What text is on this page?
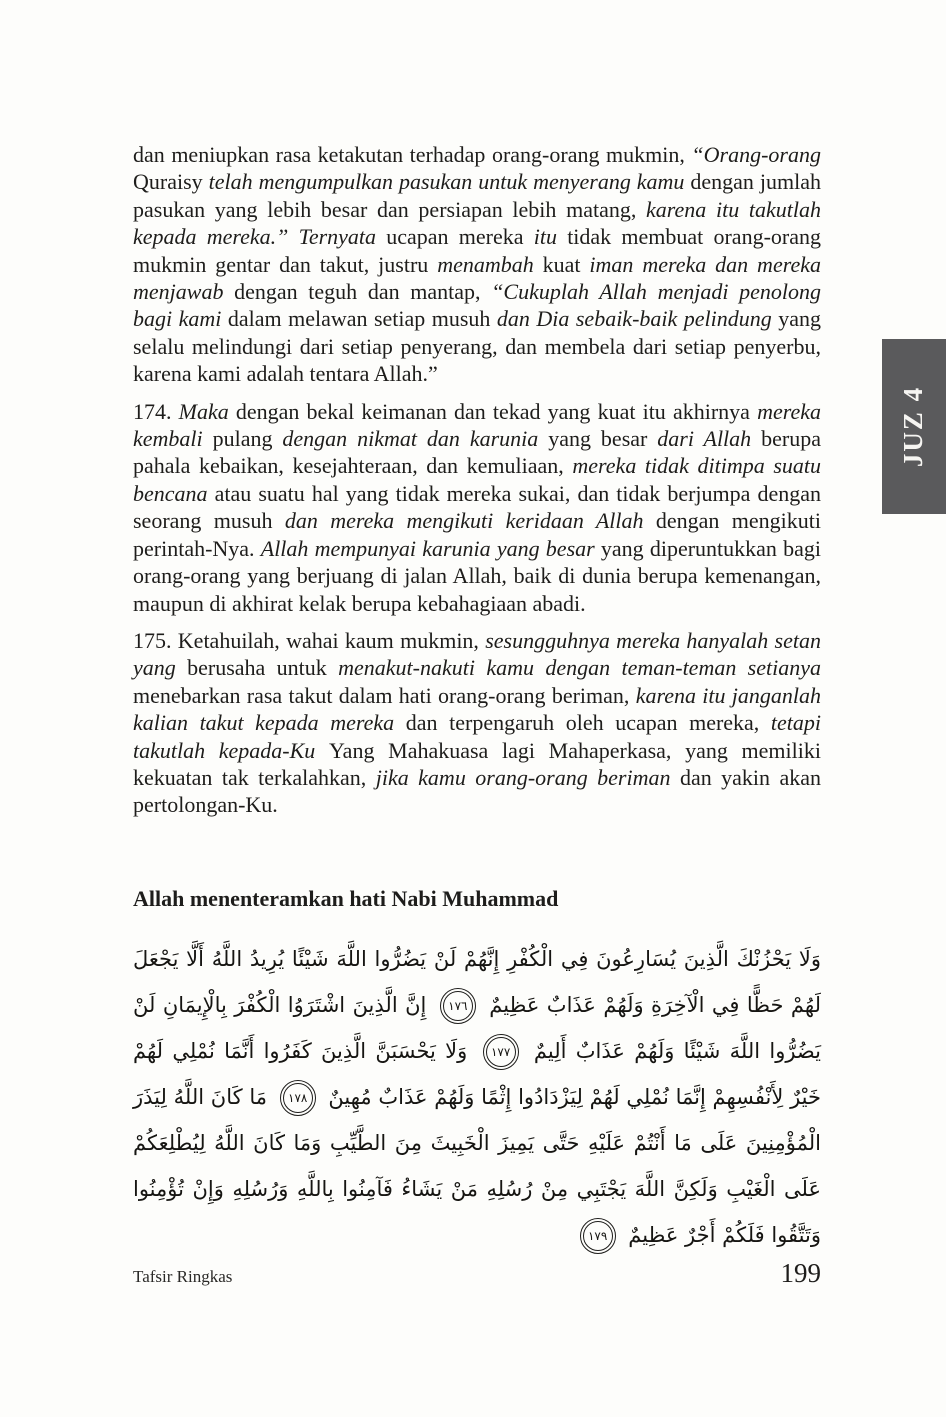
dan meniupkan rasa ketakutan terhadap orang-orang mukmin, “Orang-orang Quraisy telah mengumpulkan pasukan untuk menyerang kamu dengan jumlah pasukan yang lebih besar dan persiapan lebih matang, karena itu takutlah kepada mereka.” Ternyata ucapan mereka itu tidak membuat orang-orang mukmin gentar dan takut, justru menambah kuat iman mereka dan mereka menjawab dengan teguh dan mantap, “Cukuplah Allah menjadi penolong bagi kami dalam melawan setiap musuh dan Dia sebaik-baik pelindung yang selalu melindungi dari setiap penyerang, dan membela dari setiap penyerbu, karena kami adalah tentara Allah.”

174. Maka dengan bekal keimanan dan tekad yang kuat itu akhirnya mereka kembali pulang dengan nikmat dan karunia yang besar dari Allah berupa pahala kebaikan, kesejahteraan, dan kemuliaan, mereka tidak ditimpa suatu bencana atau suatu hal yang tidak mereka sukai, dan tidak berjumpa dengan seorang musuh dan mereka mengikuti keridaan Allah dengan mengikuti perintah-Nya. Allah mempunyai karunia yang besar yang diperuntukkan bagi orang-orang yang berjuang di jalan Allah, baik di dunia berupa kemenangan, maupun di akhirat kelak berupa kebahagiaan abadi.

175. Ketahuilah, wahai kaum mukmin, sesungguhnya mereka hanyalah setan yang berusaha untuk menakut-nakuti kamu dengan teman-teman setianya menebarkan rasa takut dalam hati orang-orang beriman, karena itu janganlah kalian takut kepada mereka dan terpengaruh oleh ucapan mereka, tetapi takutlah kepada-Ku Yang Mahakuasa lagi Mahaperkasa, yang memiliki kekuatan tak terkalahkan, jika kamu orang-orang beriman dan yakin akan pertolongan-Ku.

JUZ 4
Allah menenteramkan hati Nabi Muhammad
وَلَا يَحْزُنْكَ الَّذِينَ يُسَارِعُونَ فِي الْكُفْرِ إِنَّهُمْ لَنْ يَضُرُّوا اللَّهَ شَيْئًا يُرِيدُ اللَّهُ أَلَّا يَجْعَلَ لَهُمْ حَظًّا فِي الْآخِرَةِ وَلَهُمْ عَذَابٌ عَظِيمٌ ١٧٦ إِنَّ الَّذِينَ اشْتَرَوُا الْكُفْرَ بِالْإِيمَانِ لَنْ يَضُرُّوا اللَّهَ شَيْئًا وَلَهُمْ عَذَابٌ أَلِيمٌ ١٧٧ وَلَا يَحْسَبَنَّ الَّذِينَ كَفَرُوا أَنَّمَا نُمْلِي لَهُمْ خَيْرٌ لِأَنْفُسِهِمْ إِنَّمَا نُمْلِي لَهُمْ لِيَزْدَادُوا إِثْمًا وَلَهُمْ عَذَابٌ مُهِينٌ ١٧٨ مَا كَانَ اللَّهُ لِيَذَرَ الْمُؤْمِنِينَ عَلَى مَا أَنْتُمْ عَلَيْهِ حَتَّى يَمِيزَ الْخَبِيثَ مِنَ الطَّيِّبِ وَمَا كَانَ اللَّهُ لِيُطْلِعَكُمْ عَلَى الْغَيْبِ وَلَكِنَّ اللَّهَ يَجْتَبِي مِنْ رُسُلِهِ مَنْ يَشَاءُ فَآمِنُوا بِاللَّهِ وَرُسُلِهِ وَإِنْ تُؤْمِنُوا وَتَتَّقُوا فَلَكُمْ أَجْرٌ عَظِيمٌ ١٧٩
Tafsir Ringkas	199
